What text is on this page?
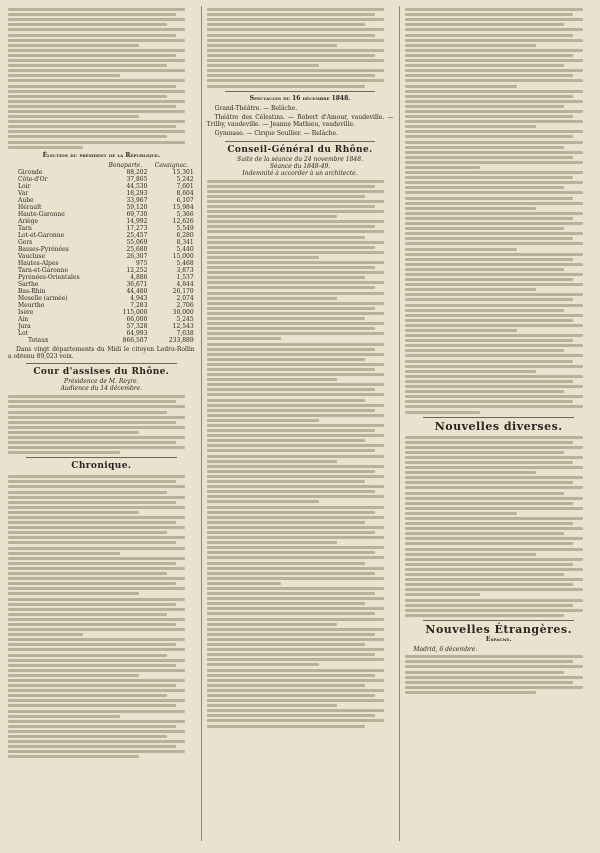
Élection du président de la République.
	Bonaparte.	Cavaignac.
Gironde	88,202	15,301
Côte-d'Or	37,865	5,242
Loir	44,530	7,601
Var	18,293	8,604
Aube	33,967	6,107
Hérault	59,120	15,984
Haute-Garonne	69,730	5,366
Ariège	14,992	12,626
Tarn	17,273	5,549
Lot-et-Garonne	25,457	6,280
Gers	55,069	8,341
Basses-Pyrénées	25,680	5,440
Vaucluse	26,307	15,000
Hautes-Alpes	975	5,468
Tarn-et-Garonne	12,252	3,873
Pyrénées-Orientales	4,886	1,537
Sarthe	36,671	4,844
Bas-Rhin	44,480	26,170
Moselle (armée)	4,943	2,074
Meurthe	7,283	2,706
Isère	115,000	30,000
Ain	66,000	5,245
Jura	57,328	12,543
Lot	64,993	7,638
Totaux	866,507	233,889

Dans vingt départements du Midi le citoyen Ledru-Rollin a obtenu 89,023 voix.

Cour d'assises du Rhône.
Présidence de M. Reyre.
Audience du 14 décembre.
Chronique.
Spectacles du 16 décembre 1848.

Grand-Théâtre. — Relâche.

Théâtre des Célestins. — Robert d'Amour, vaudeville. — Trilby, vaudeville. — Jeanne Mathieu, vaudeville.

Gymnase. — Cirque Soullier. — Relâche.

Conseil-Général du Rhône.
Suite de la séance du 24 novembre 1848.
Séance du 1848-49.
Indemnité à accorder à un architecte.
Nouvelles diverses.
Nouvelles Étrangères.
Espagne.

Madrid, 6 décembre.
